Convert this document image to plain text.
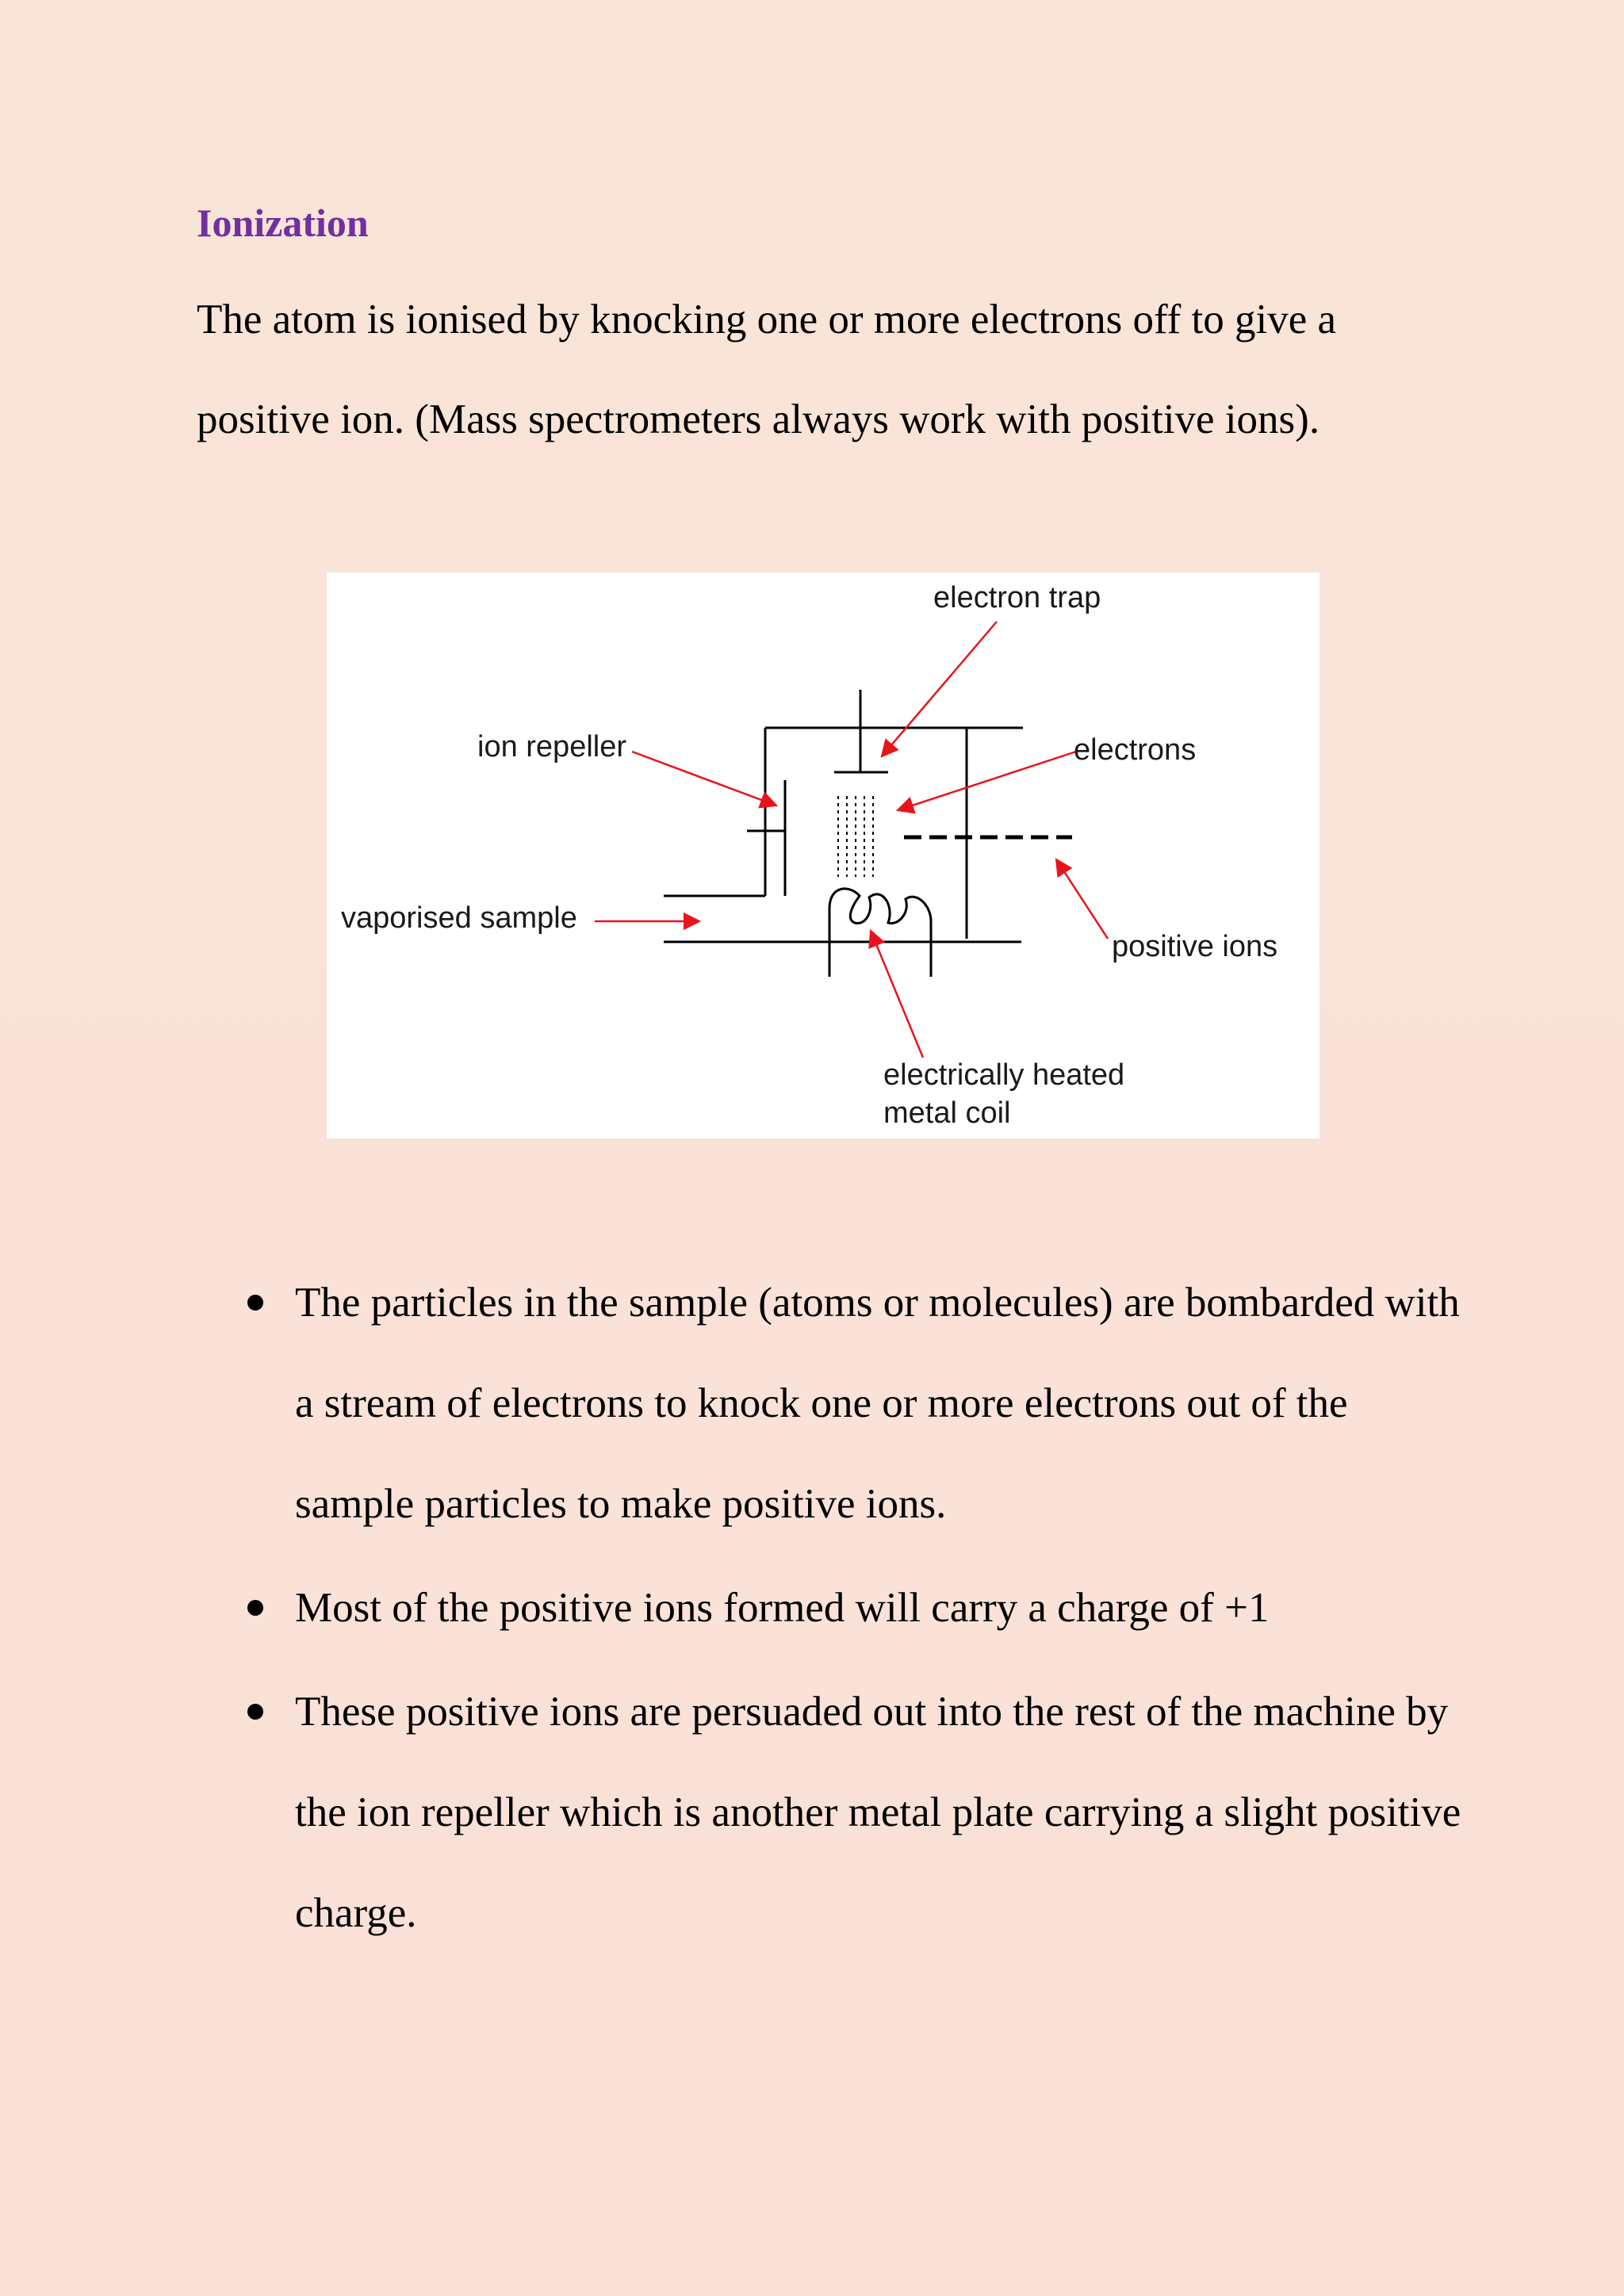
Ionization

The atom is ionised by knocking one or more electrons off to give a
positive ion. (Mass spectrometers always work with positive ions).

electron trap
ion repeller	electrons
vaporised sample
positive ions
electrically heated
metal coil
The particles in the sample (atoms or molecules) are bombarded with
a stream of electrons to knock one or more electrons out of the
sample particles to make positive ions.
Most of the positive ions formed will carry a charge of +1
These positive ions are persuaded out into the rest of the machine by
the ion repeller which is another metal plate carrying a slight positive
charge.
